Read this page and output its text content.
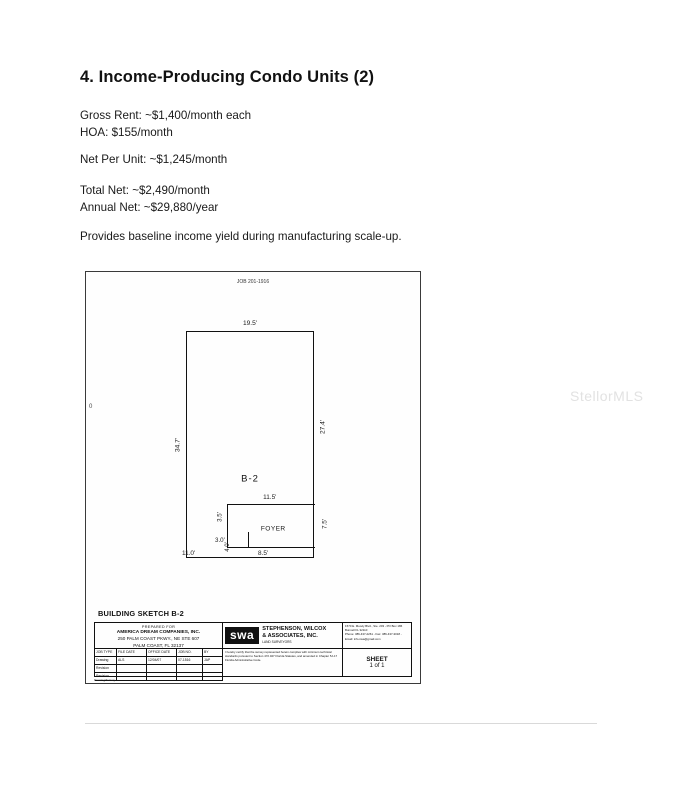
4. Income-Producing Condo Units (2)
Gross Rent: ~$1,400/month each
HOA: $155/month
Net Per Unit: ~$1,245/month
Total Net: ~$2,490/month
Annual Net: ~$29,880/year
Provides baseline income yield during manufacturing scale-up.
StellorMLS
JOB 201-1916
0
19.5'
34.7'
27.4'
B-2
11.5'
3.5'
7.5'
FOYER
3.0'
11.0'
4.0'
8.5'
BUILDING SKETCH B-2
PREPARED FOR
AMERICA DREAM COMPANIES, INC.
250 PALM COAST PKWY., NE STE 607
PALM COAST, FL 32137
JOB TYPE	FILE DATE	OFFICE DATE	JOB NO.	BY
Drawing	ALS	12/04/07	07-1516	JAP
Revision
Revision
swa	STEPHENSON, WILCOX
& ASSOCIATES, INC.
LAND SURVEYORS
I hereby certify that the survey represented herein complies with minimum technical standards pursuant to Section 472.027 Florida Statutes, and amended in Chapter 5J-17 Florida Administrative Code.
1570 E. Moody Blvd., Ste. 203 - PO Box 186 Bunnell FL 32110
Phone: 386-437-2261 - Fax: 386-437-3018 - Email: info.swa@gmail.com
SHEET
1 of 1
Drawing/Survey
